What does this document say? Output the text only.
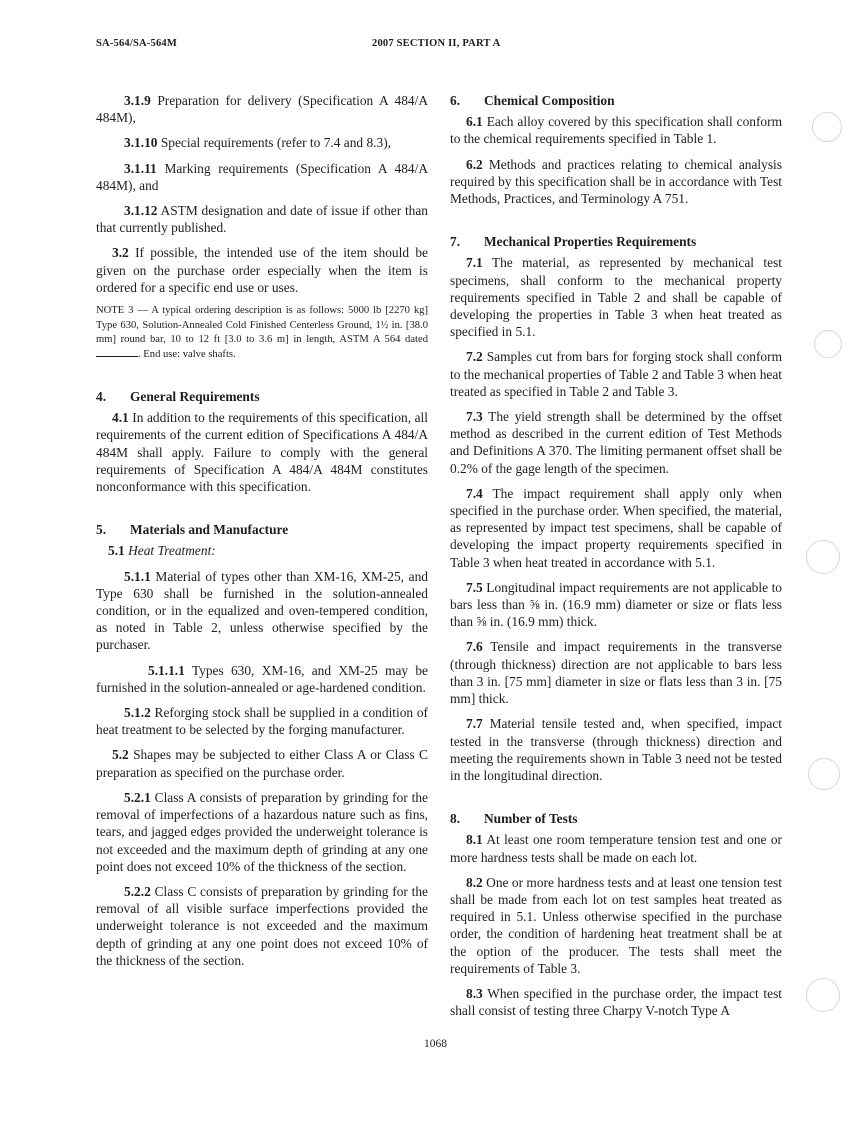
SA-564/SA-564M	2007 SECTION II, PART A

3.1.9 Preparation for delivery (Specification A 484/A 484M),

3.1.10 Special requirements (refer to 7.4 and 8.3),

3.1.11 Marking requirements (Specification A 484/A 484M), and

3.1.12 ASTM designation and date of issue if other than that currently published.

3.2 If possible, the intended use of the item should be given on the purchase order especially when the item is ordered for a specific end use or uses.

NOTE 3 — A typical ordering description is as follows: 5000 lb [2270 kg] Type 630, Solution-Annealed Cold Finished Centerless Ground, 1½ in. [38.0 mm] round bar, 10 to 12 ft [3.0 to 3.6 m] in length, ASTM A 564 dated . End use: valve shafts.

4. General Requirements

4.1 In addition to the requirements of this specification, all requirements of the current edition of Specifications A 484/A 484M shall apply. Failure to comply with the general requirements of Specification A 484/A 484M constitutes nonconformance with this specification.

5. Materials and Manufacture

5.1 Heat Treatment:

5.1.1 Material of types other than XM-16, XM-25, and Type 630 shall be furnished in the solution-annealed condition, or in the equalized and oven-tempered condition, as noted in Table 2, unless otherwise specified by the purchaser.

5.1.1.1 Types 630, XM-16, and XM-25 may be furnished in the solution-annealed or age-hardened condition.

5.1.2 Reforging stock shall be supplied in a condition of heat treatment to be selected by the forging manufacturer.

5.2 Shapes may be subjected to either Class A or Class C preparation as specified on the purchase order.

5.2.1 Class A consists of preparation by grinding for the removal of imperfections of a hazardous nature such as fins, tears, and jagged edges provided the underweight tolerance is not exceeded and the maximum depth of grinding at any one point does not exceed 10% of the thickness of the section.

5.2.2 Class C consists of preparation by grinding for the removal of all visible surface imperfections provided the underweight tolerance is not exceeded and the maximum depth of grinding at any one point does not exceed 10% of the thickness of the section.

6. Chemical Composition

6.1 Each alloy covered by this specification shall conform to the chemical requirements specified in Table 1.

6.2 Methods and practices relating to chemical analysis required by this specification shall be in accordance with Test Methods, Practices, and Terminology A 751.

7. Mechanical Properties Requirements

7.1 The material, as represented by mechanical test specimens, shall conform to the mechanical property requirements specified in Table 2 and shall be capable of developing the properties in Table 3 when heat treated as specified in 5.1.

7.2 Samples cut from bars for forging stock shall conform to the mechanical properties of Table 2 and Table 3 when heat treated as specified in Table 2 and Table 3.

7.3 The yield strength shall be determined by the offset method as described in the current edition of Test Methods and Definitions A 370. The limiting permanent offset shall be 0.2% of the gage length of the specimen.

7.4 The impact requirement shall apply only when specified in the purchase order. When specified, the material, as represented by impact test specimens, shall be capable of developing the impact property requirements specified in Table 3 when heat treated in accordance with 5.1.

7.5 Longitudinal impact requirements are not applicable to bars less than ⅝ in. (16.9 mm) diameter or size or flats less than ⅝ in. (16.9 mm) thick.

7.6 Tensile and impact requirements in the transverse (through thickness) direction are not applicable to bars less than 3 in. [75 mm] diameter in size or flats less than 3 in. [75 mm] thick.

7.7 Material tensile tested and, when specified, impact tested in the transverse (through thickness) direction and meeting the requirements shown in Table 3 need not be tested in the longitudinal direction.

8. Number of Tests

8.1 At least one room temperature tension test and one or more hardness tests shall be made on each lot.

8.2 One or more hardness tests and at least one tension test shall be made from each lot on test samples heat treated as required in 5.1. Unless otherwise specified in the purchase order, the condition of hardening heat treatment shall be at the option of the producer. The tests shall meet the requirements of Table 3.

8.3 When specified in the purchase order, the impact test shall consist of testing three Charpy V-notch Type A

1068
